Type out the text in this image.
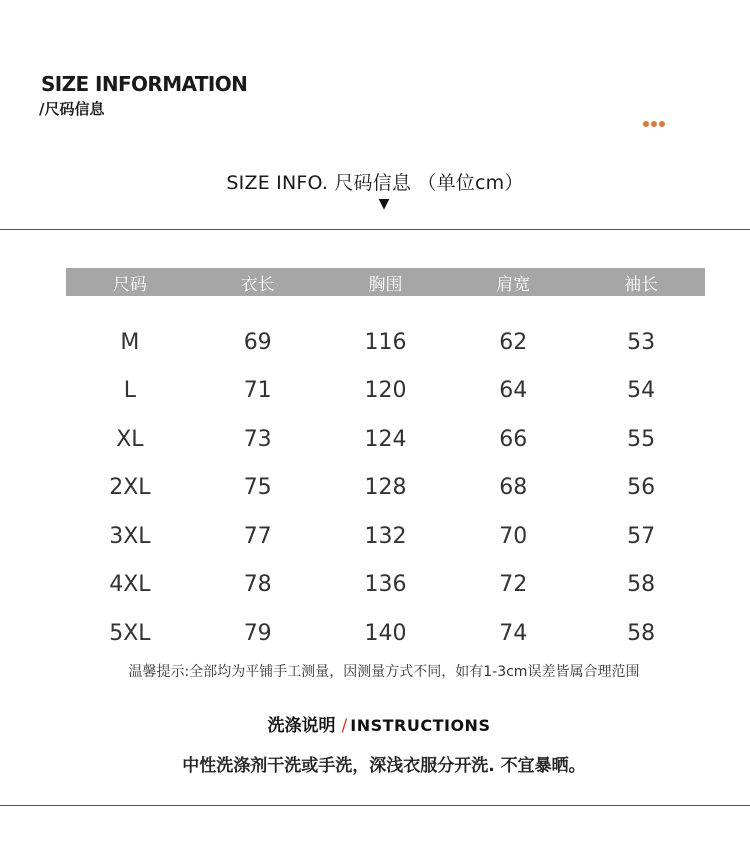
SIZE INFORMATION
/尺码信息
SIZE INFO. 尺码信息 （单位cm）
▼
尺码	衣长	胸围	肩宽	袖长
M	69	116	62	53
L	71	120	64	54
XL	73	124	66	55
2XL	75	128	68	56
3XL	77	132	70	57
4XL	78	136	72	58
5XL	79	140	74	58
温馨提示:全部均为平铺手工测量，因测量方式不同，如有1-3cm误差皆属合理范围
洗涤说明 / INSTRUCTIONS
中性洗涤剂干洗或手洗，深浅衣服分开洗. 不宜暴晒。
